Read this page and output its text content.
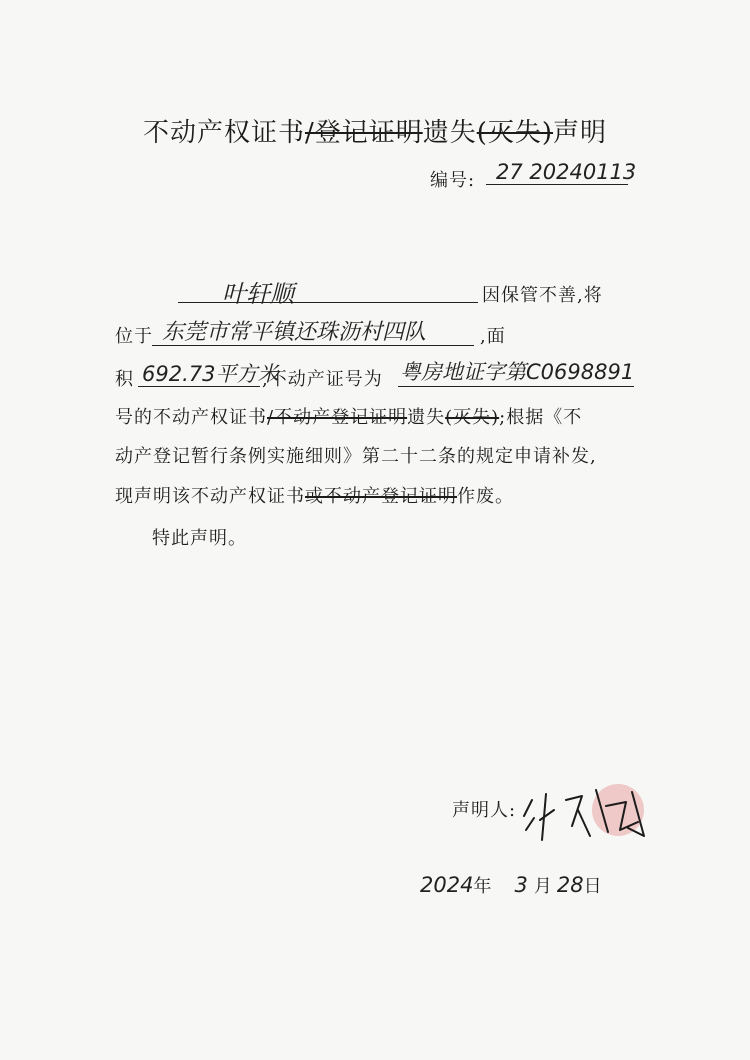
不动产权证书/登记证明遗失(灭失)声明
编号: 27 20240113
叶轩顺	因保管不善,将
位于 东莞市常平镇还珠沥村四队	,面
积 692.73平方米
,不动产证号为 粤房地证字第C0698891
号的不动产权证书/不动产登记证明遗失(灭失);根据《不
动产登记暂行条例实施细则》第二十二条的规定申请补发,
现声明该不动产权证书或不动产登记证明作废。
特此声明。
声明人:
2024年 3 月 28日
